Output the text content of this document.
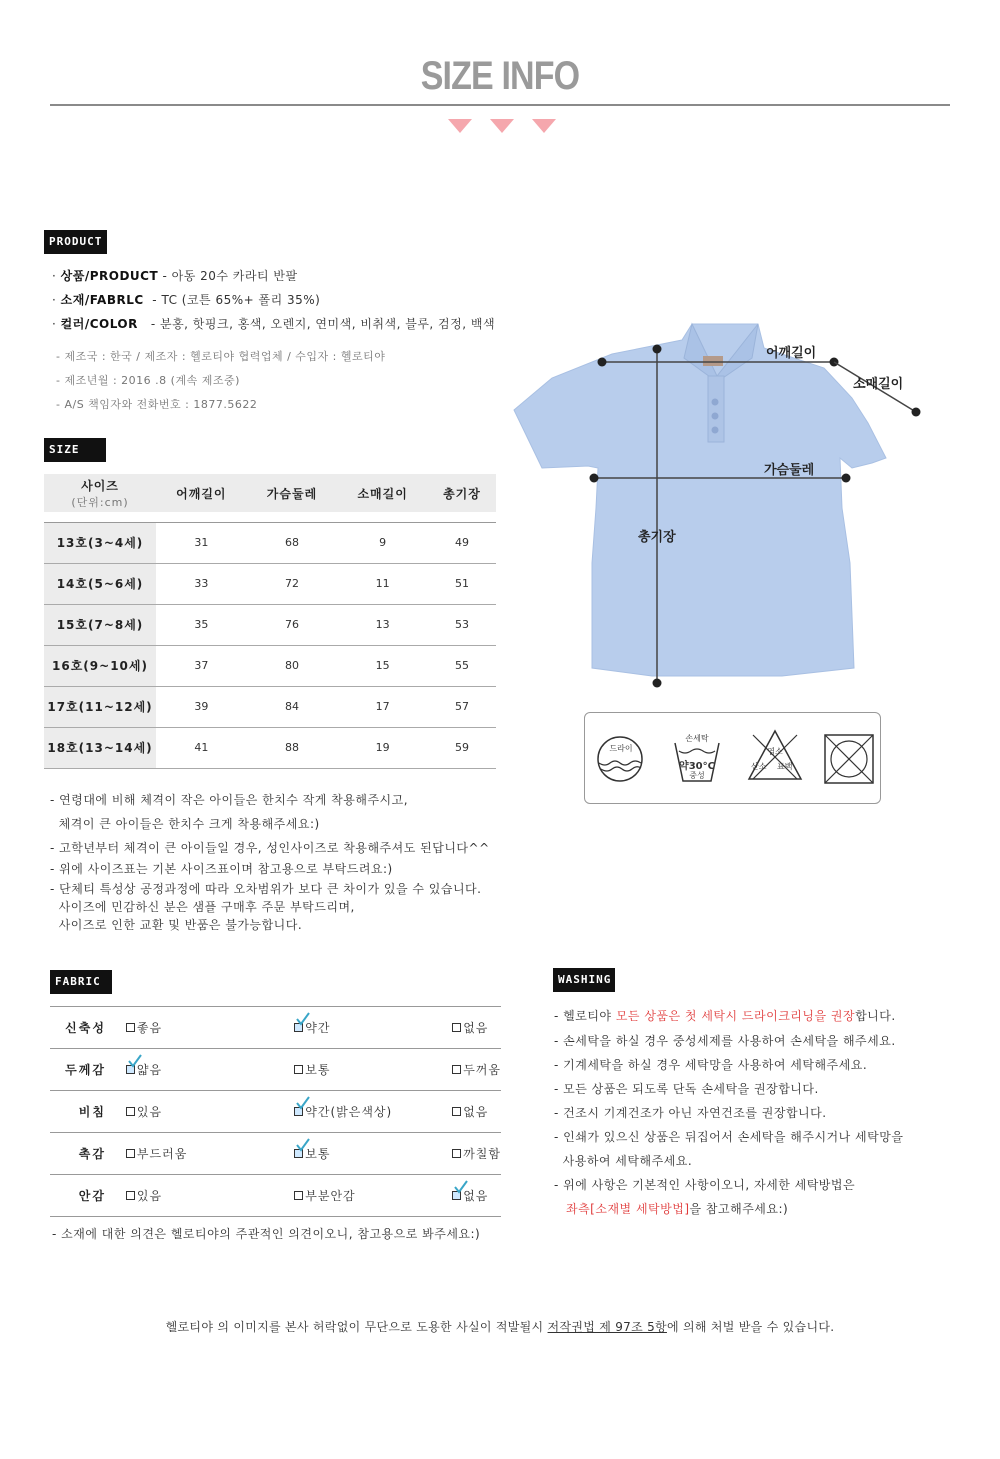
SIZE INFO
PRODUCT
· 상품/PRODUCT - 아동 20수 카라티 반팔
· 소재/FABRLC  - TC (코튼 65%+ 폴리 35%)
· 컬러/COLOR   - 분홍, 핫핑크, 홍색, 오렌지, 연미색, 비취색, 블루, 검정, 백색
- 제조국 : 한국 / 제조자 : 헬로티야 협력업체 / 수입자 : 헬로티야
- 제조년월 : 2016 .8 (계속 제조중)
- A/S 책임자와 전화번호 : 1877.5622
SIZE
사이즈
(단위:cm)	어깨길이	가슴둘레	소매길이	총기장

13호(3~4세)	31	68	9	49
14호(5~6세)	33	72	11	51
15호(7~8세)	35	76	13	53
16호(9~10세)	37	80	15	55
17호(11~12세)	39	84	17	57
18호(13~14세)	41	88	19	59
- 연령대에 비해 체격이 작은 아이들은 한치수 작게 착용해주시고,
체격이 큰 아이들은 한치수 크게 착용해주세요:)
- 고학년부터 체격이 큰 아이들일 경우, 성인사이즈로 착용해주셔도 된답니다^^
- 위에 사이즈표는 기본 사이즈표이며 참고용으로 부탁드려요:)
- 단체티 특성상 공정과정에 따라 오차범위가 보다 큰 차이가 있을 수 있습니다.
사이즈에 민감하신 분은 샘플 구매후 주문 부탁드리며,
사이즈로 인한 교환 및 반품은 불가능합니다.
어깨길이
소매길이
가슴둘레
총기장
드라이
손세탁
약30°C
중성
염소
산소 표백
FABRIC
신축성	좋음	약간	없음

두께감	얇음	보통	두꺼움

비침	있음	약간(밝은색상)	없음

촉감	부드러움	보통	까칠함

안감	있음	부분안감	없음
- 소재에 대한 의견은 헬로티야의 주관적인 의견이오니, 참고용으로 봐주세요:)
WASHING
- 헬로티야 모든 상품은 첫 세탁시 드라이크리닝을 권장합니다.
- 손세탁을 하실 경우 중성세제를 사용하여 손세탁을 해주세요.
- 기계세탁을 하실 경우 세탁망을 사용하여 세탁해주세요.
- 모든 상품은 되도록 단독 손세탁을 권장합니다.
- 건조시 기계건조가 아닌 자연건조를 권장합니다.
- 인쇄가 있으신 상품은 뒤집어서 손세탁을 해주시거나 세탁망을
사용하여 세탁해주세요.
- 위에 사항은 기본적인 사항이오니, 자세한 세탁방법은
좌측[소재별 세탁방법]을 참고해주세요:)
헬로티야 의 이미지를 본사 허락없이 무단으로 도용한 사실이 적발될시 저작권법 제 97조 5항에 의해 처벌 받을 수 있습니다.
